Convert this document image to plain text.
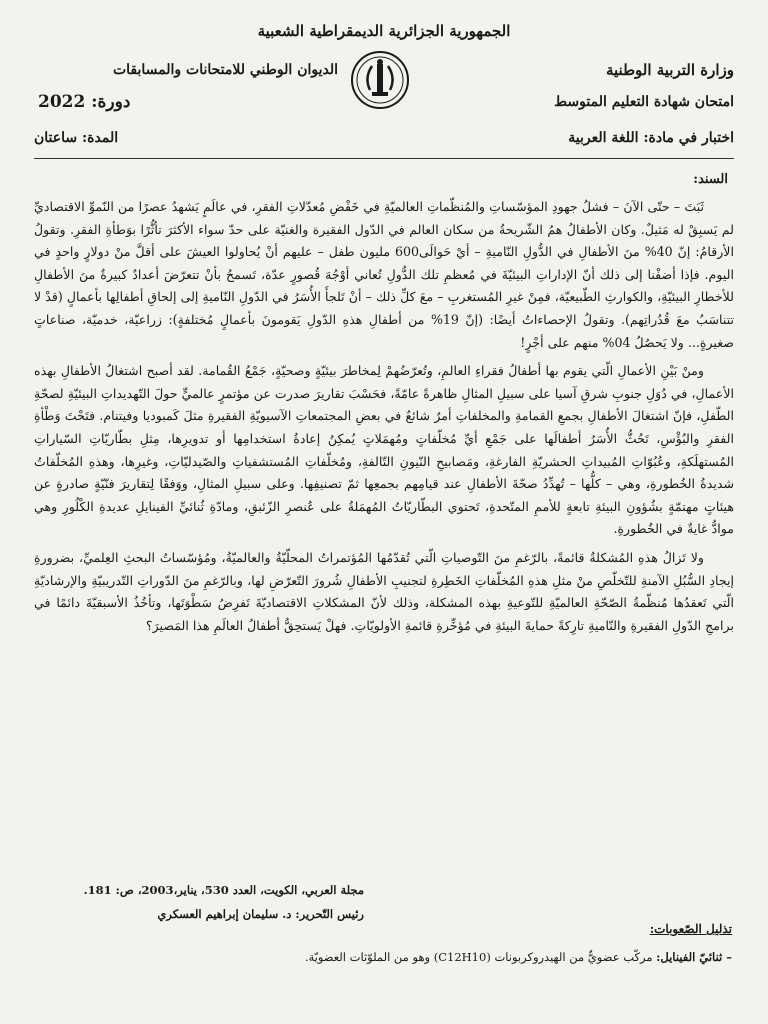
الجمهورية الجزائرية الديمقراطية الشعبية
وزارة التربية الوطنية
امتحان شهادة التعليم المتوسط
الديوان الوطني للامتحانات والمسابقات
دورة: 2022
اختبار في مادة: اللغة العربية
المدة: ساعتان
السند:

ثَبَتَ – حتّى الآنَ – فشلُ جهودِ المؤسّساتِ والمُنظّماتِ العالميّةِ في خَفْضِ مُعدّلاتِ الفقرِ، في عالَمٍ يَشهدُ عصرًا من النّموِّ الاقتصاديِّ لم يَسبِقْ له مَثيلٌ. وكان الأطفالُ همُ الشّريحةُ من سكان العالم في الدّول الفقيرة والغنيّة على حدّ سواء الأكثرَ تأثُّرًا بوَطأةِ الفقرِ. وتقولُ الأرقامُ: إنّ 40% منَ الأطفالِ في الدُّولِ النّاميةِ – أيْ حَوالَى600 مليون طفل – عليهم أنْ يُحاولوا العيشَ على أقلَّ منْ دولارٍ واحدٍ في اليوم. فإذا أضفْنا إلى ذلك أنّ الإداراتِ البيئيّةَ في مُعظمِ تلك الدُّولِ تُعاني أوْجُهَ قُصورٍ عدّة، تَسمحُ بأنْ تتعرّضَ أعدادٌ كبيرةٌ منَ الأطفالِ للأخطارِ البيئيّةِ، والكوارثِ الطّبيعيّة، فمِنْ غيرِ المُستغربِ – معَ كلِّ ذلك – أنْ تَلجأَ الأُسَرُ في الدّولِ النّاميةِ إلى إلحاقِ أطفالِها بأعمالٍ (قدْ لا تتناسَبُ معَ قُدُراتِهم). وتقولُ الإحصاءاتُ أيضًا: (إنّ 19% من أطفالِ هذهِ الدّولِ يَقومونَ بأعمالٍ مُختلفةٍ): زراعيّة، خدميّة، صناعاتٍ صغيرةٍ... ولا يَحصُلُ 04% منهم على أجْرٍ!

ومنْ بَيْنِ الأعمالِ الّتي يقوم بها أطفالُ فقراءِ العالمِ، وتُعرّضُهمْ لِمخاطرَ بيئيّةٍ وصحيّةٍ، جَمْعُ القُمامة. لقد أصبح اشتغالُ الأطفالِ بهذه الأعمالِ، في دُوَلِ جنوبِ شرقِ آسيا على سبيلِ المثالِ ظاهرةً عامّةً، فحَسْبَ تقاريرَ صدرت عن مؤتمرٍ عالميٍّ حولَ التّهديداتِ البيئيّةِ لصحّةِ الطّفلِ، فإنّ اشتغالَ الأطفالِ بجمعِ القمامةِ والمخلفاتِ أمرٌ شائعٌ في بعضِ المجتمعاتِ الآسيويّةِ الفقيرةِ مثلَ كَمبوديا وفيتنام. فتَحْتَ وَطْأةِ الفقرِ والبُؤْسِ، تَحُثُّ الأُسَرُ أطفالَها على جَمْعِ أيِّ مُخلّفاتٍ ومُهمَلاتٍ يُمكِنُ إعادةُ استخدامِها أو تدويرِها، مِثلِ بطّاريّاتِ السّياراتِ المُستهلَكةِ، وعُبُوّاتِ المُبيداتِ الحشريّةِ الفارغةِ، ومَصابيحِ النّيونِ التّالفةِ، ومُخلّفاتِ المُستشفياتِ والصّيدليّاتِ، وغيرِها، وهذهِ المُخلّفاتُ شديدةُ الخُطورةِ، وهي – كلُّها – تُهدِّدُ صحّةَ الأطفالِ عند قيامِهم بجمعِها ثمّ تصنيفِها. وعلى سبيلِ المثالِ، ووَفقًا لِتقاريرَ فنّيّةٍ صادرةٍ عن هيئاتٍ مهتمّةٍ بشُؤونِ البيئةِ تابعةٍ للأممِ المتّحدةِ، تَحتوي البطّاريّاتُ المُهمَلةُ على عُنصرِ الزّئبقِ، ومادّةِ ثُنائيِّ الفينايلِ عديدةِ الكْلُورِ وهي موادُّ غايةٌ في الخُطورةِ.

ولا تَزالُ هذهِ المُشكلةُ قائمةً، بالرّغمِ منَ التّوصياتِ الّتي تُقدّمُها المُؤتمراتُ المحلّيّةُ والعالميّةُ، ومُؤسّساتُ البحثِ العِلميِّ، بضرورةِ إيجادِ السُّبُلِ الآمنةِ للتّخلّصِ منْ مثلِ هذهِ المُخلّفاتِ الخَطِرةِ لتجنيبِ الأطفالِ شُرورَ التّعرّضِ لها، وبالرّغمِ منَ الدّوراتِ التّدريبيّةِ والإرشاديّةِ الّتي تَعقدُها مُنظّمةُ الصّحّةِ العالميّةِ للتّوعيةِ بهذه المشكلة، وذلك لأنّ المشكلاتِ الاقتصاديّةَ تَفرِضُ سَطْوَتَها، وتأخُذُ الأسبقيّةَ دائمًا في برامجِ الدّولِ الفقيرةِ والنّاميةِ تارِكةً حمايةَ البيئةِ في مُؤخِّرةِ قائمةِ الأولويّاتِ. فهلْ يَستحِقُّ أطفالُ العالَمِ هذا المَصيرَ؟

مجلة العربي، الكويت، العدد 530، يناير،2003، ص: 181.
رئيس التّحرير: د. سليمان إبراهيم العسكري
تذليل الصّعوبات:
– ثنائيّ الفينايل: مركّب عضويٌّ من الهيدروكربونات (C12H10) وهو من الملوّثات العضويّة.
